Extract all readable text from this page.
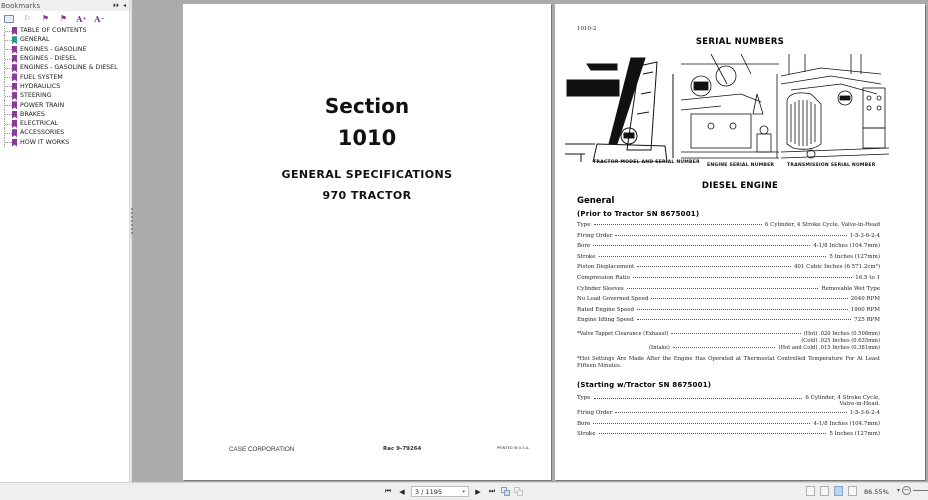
Bookmarks	⏵⏵ ◂
⚐ ⚑ ⚑ A + A −
TABLE OF CONTENTS
GENERAL
ENGINES - GASOLINE
ENGINES - DIESEL
ENGINES - GASOLINE & DIESEL
FUEL SYSTEM
HYDRAULICS
STEERING
POWER TRAIN
BRAKES
ELECTRICAL
ACCESSORIES
HOW IT WORKS
Section
1010
GENERAL SPECIFICATIONS
970 TRACTOR
CASE CORPORATION	Rac 9-79264	PRINTED IN U.S.A.
1010-2
SERIAL NUMBERS
TRACTOR MODEL AND SERIAL NUMBER
ENGINE SERIAL NUMBER	TRANSMISSION SERIAL NUMBER
DIESEL ENGINE
General
(Prior to Tractor SN 8675001)
Type	6 Cylinder, 4 Stroke Cycle, Valve-in-Head
Firing Order	1-5-3-6-2-4
Bore	4-1/8 Inches (104.7mm)
Stroke	5 Inches (127mm)
Piston Displacement	401 Cubic Inches (6 571.2cm³)
Compression Ratio	16.5 to 1
Cylinder Sleeves	Removable Wet Type
No Load Governed Speed	2040 RPM
Rated Engine Speed	1900 RPM
Engine Idling Speed	725 RPM
*Valve Tappet Clearance (Exhaust)	(Hot) .020 Inches (0.508mm)
(Cold) .025 Inches (0.635mm)
(Intake)	(Hot and Cold) .015 Inches (0.381mm)
*Hot Settings Are Made After the Engine Has Operated at Thermostat Controlled Temperature For At Least Fifteen Minutes.
(Starting w/Tractor SN 8675001)
Type	6 Cylinder, 4 Stroke Cycle,
Valve-in-Head.
Firing Order	1-5-3-6-2-4
Bore	4-1/8 Inches (104.7mm)
Stroke	5 Inches (127mm)
⏮	◀	3 / 1195	▾	▶	⏭	86.55% ▾ −
